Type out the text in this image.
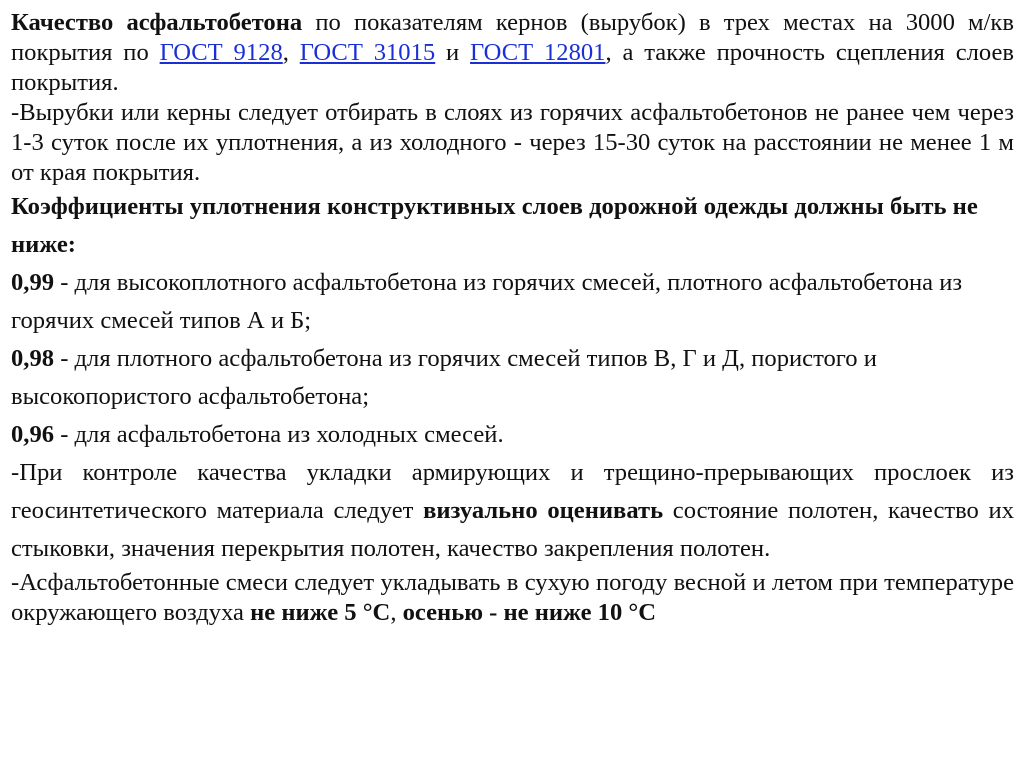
Качество асфальтобетона по показателям кернов (вырубок) в трех местах на 3000 м/кв покрытия по ГОСТ 9128, ГОСТ 31015 и ГОСТ 12801, а также прочность сцепления слоев покрытия.

-Вырубки или керны следует отбирать в слоях из горячих асфальтобетонов не ранее чем через 1-3 суток после их уплотнения, а из холодного - через 15-30 суток на расстоянии не менее 1 м от края покрытия.

Коэффициенты уплотнения конструктивных слоев дорожной одежды должны быть не ниже:

0,99 - для высокоплотного асфальтобетона из горячих смесей, плотного асфальтобетона из горячих смесей типов А и Б;

0,98 - для плотного асфальтобетона из горячих смесей типов В, Г и Д, пористого и высокопористого асфальтобетона;

0,96 - для асфальтобетона из холодных смесей.

-При контроле качества укладки армирующих и трещино-прерывающих прослоек из геосинтетического материала следует визуально оценивать состояние полотен, качество их стыковки, значения перекрытия полотен, качество закрепления полотен.

-Асфальтобетонные смеси следует укладывать в сухую погоду весной и летом при температуре окружающего воздуха не ниже 5 °С, осенью - не ниже 10 °С
